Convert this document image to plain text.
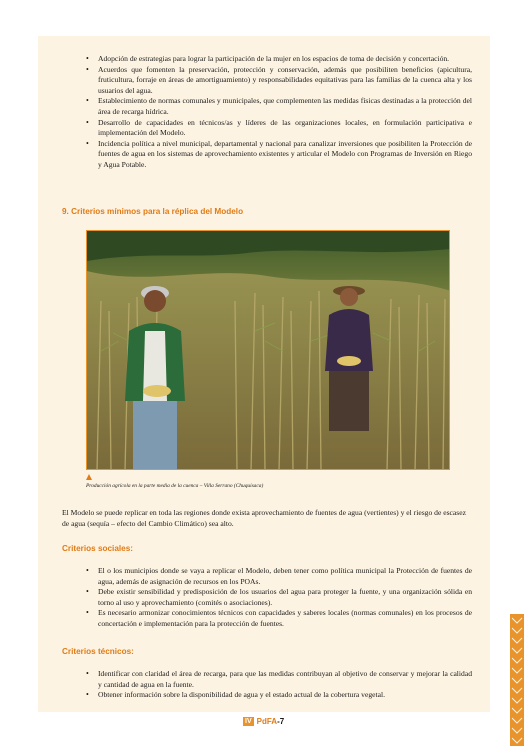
• Adopción de estrategias para lograr la participación de la mujer en los espacios de toma de decisión y concertación.
• Acuerdos que fomenten la preservación, protección y conservación, además que posibiliten beneficios (apicultura, fruticultura, forraje en áreas de amortiguamiento) y responsabilidades equitativas para las familias de la cuenca alta y los usuarios del agua.
• Establecimiento de normas comunales y municipales, que complementen las medidas físicas destinadas a la protección del área de recarga hídrica.
• Desarrollo de capacidades en técnicos/as y líderes de las organizaciones locales, en formulación participativa e implementación del Modelo.
• Incidencia política a nivel municipal, departamental y nacional para canalizar inversiones que posibiliten la Protección de fuentes de agua en los sistemas de aprovechamiento existentes y articular el Modelo con Programas de Inversión en Riego y Agua Potable.
9. Criterios mínimos para la réplica del Modelo
Producción agrícola en la parte media de la cuenca – Villa Serrano (Chuquisaca)
El Modelo se puede replicar en toda las regiones donde exista aprovechamiento de fuentes de agua (vertientes) y el riesgo de escasez de agua (sequía – efecto del Cambio Climático) sea alto.
Criterios sociales:
• El o los municipios donde se vaya a replicar el Modelo, deben tener como política municipal la Protección de fuentes de agua, además de asignación de recursos en los POAs.
• Debe existir sensibilidad y predisposición de los usuarios del agua para proteger la fuente, y una organización sólida en torno al uso y aprovechamiento (comités o asociaciones).
• Es necesario armonizar conocimientos técnicos con capacidades y saberes locales (normas comunales) en los procesos de concertación e implementación para la protección de fuentes.
Criterios técnicos:
• Identificar con claridad el área de recarga, para que las medidas contribuyan al objetivo de conservar y mejorar la calidad y cantidad de agua en la fuente.
• Obtener información sobre la disponibilidad de agua y el estado actual de la cobertura vegetal.
IV PdFA -7
